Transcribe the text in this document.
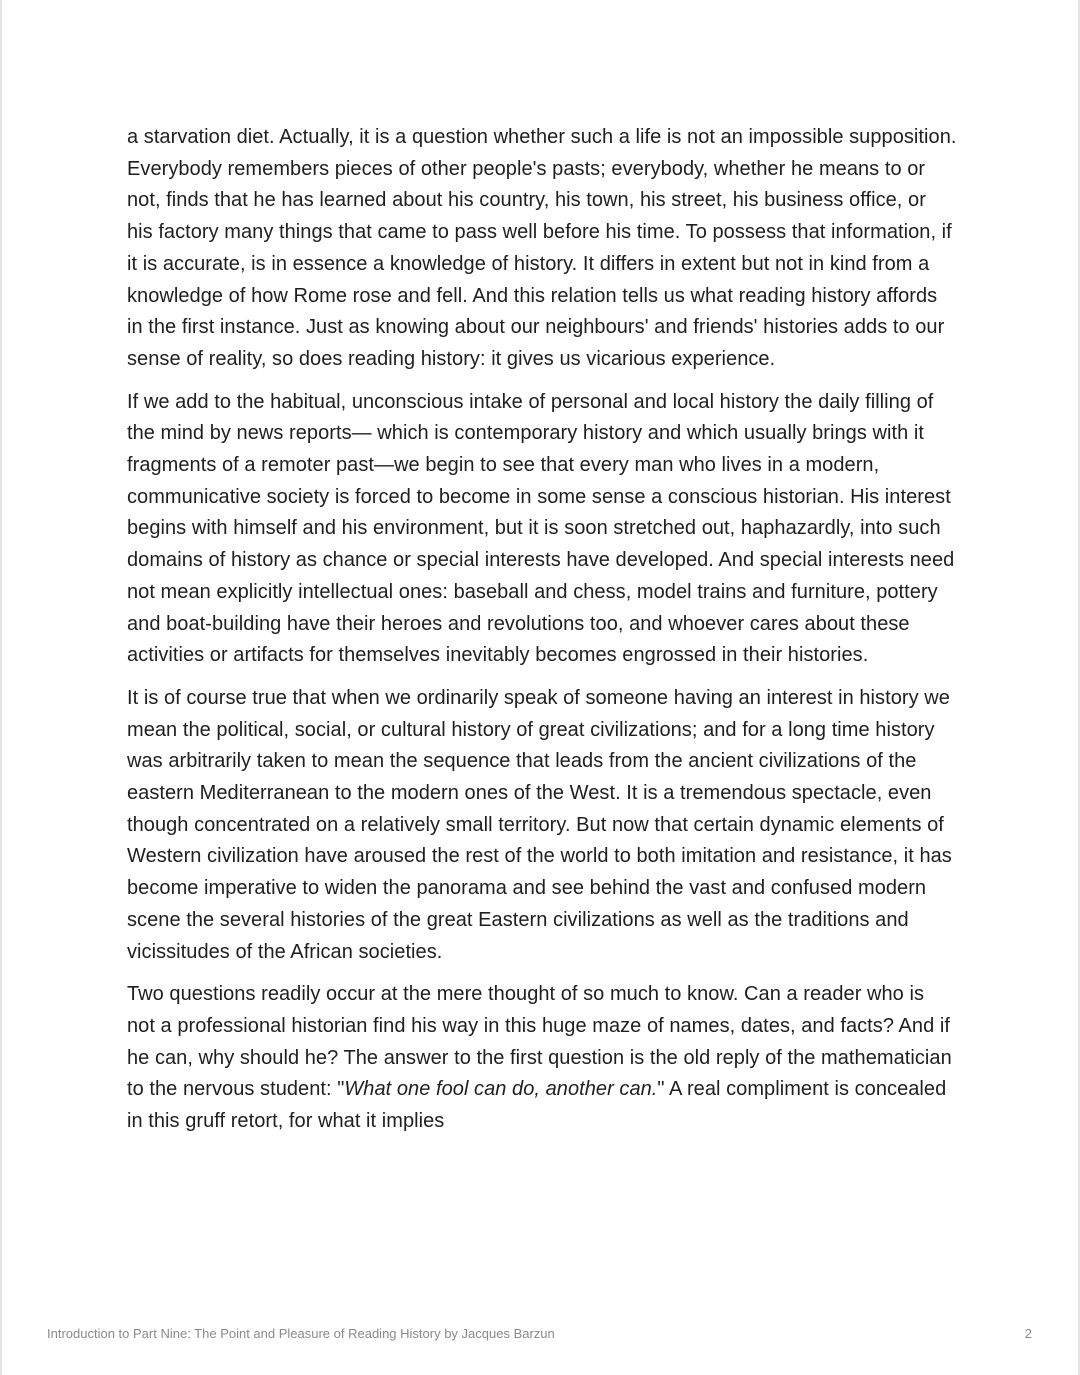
a starvation diet. Actually, it is a question whether such a life is not an impossible supposition. Everybody remembers pieces of other people's pasts; everybody, whether he means to or not, finds that he has learned about his country, his town, his street, his business office, or his factory many things that came to pass well before his time. To possess that information, if it is accurate, is in essence a knowledge of history. It differs in extent but not in kind from a knowledge of how Rome rose and fell. And this relation tells us what reading history affords in the first instance. Just as knowing about our neighbours' and friends' histories adds to our sense of reality, so does reading history: it gives us vicarious experience.

If we add to the habitual, unconscious intake of personal and local history the daily filling of the mind by news reports— which is contemporary history and which usually brings with it fragments of a remoter past—we begin to see that every man who lives in a modern, communicative society is forced to become in some sense a conscious historian. His interest begins with himself and his environment, but it is soon stretched out, haphazardly, into such domains of history as chance or special interests have developed. And special interests need not mean explicitly intellectual ones: baseball and chess, model trains and furniture, pottery and boat-building have their heroes and revolutions too, and whoever cares about these activities or artifacts for themselves inevitably becomes engrossed in their histories.

It is of course true that when we ordinarily speak of someone having an interest in history we mean the political, social, or cultural history of great civilizations; and for a long time history was arbitrarily taken to mean the sequence that leads from the ancient civilizations of the eastern Mediterranean to the modern ones of the West. It is a tremendous spectacle, even though concentrated on a relatively small territory. But now that certain dynamic elements of Western civilization have aroused the rest of the world to both imitation and resistance, it has become imperative to widen the panorama and see behind the vast and confused modern scene the several histories of the great Eastern civilizations as well as the traditions and vicissitudes of the African societies.

Two questions readily occur at the mere thought of so much to know. Can a reader who is not a professional historian find his way in this huge maze of names, dates, and facts? And if he can, why should he? The answer to the first question is the old reply of the mathematician to the nervous student: "What one fool can do, another can." A real compliment is concealed in this gruff retort, for what it implies

Introduction to Part Nine: The Point and Pleasure of Reading History by Jacques Barzun	2
